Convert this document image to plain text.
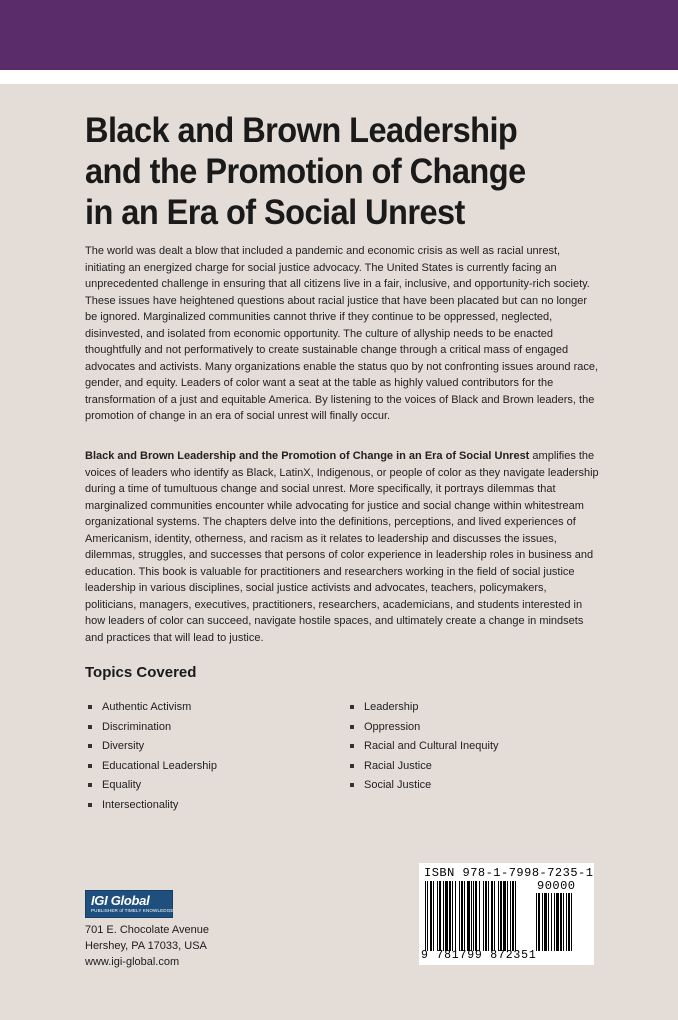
Black and Brown Leadership
and the Promotion of Change
in an Era of Social Unrest

The world was dealt a blow that included a pandemic and economic crisis as well as racial unrest, initiating an energized charge for social justice advocacy. The United States is currently facing an unprecedented challenge in ensuring that all citizens live in a fair, inclusive, and opportunity-rich society. These issues have heightened questions about racial justice that have been placated but can no longer be ignored. Marginalized communities cannot thrive if they continue to be oppressed, neglected, disinvested, and isolated from economic opportunity. The culture of allyship needs to be enacted thoughtfully and not performatively to create sustainable change through a critical mass of engaged advocates and activists. Many organizations enable the status quo by not confronting issues around race, gender, and equity. Leaders of color want a seat at the table as highly valued contributors for the transformation of a just and equitable America. By listening to the voices of Black and Brown leaders, the promotion of change in an era of social unrest will finally occur.

Black and Brown Leadership and the Promotion of Change in an Era of Social Unrest amplifies the voices of leaders who identify as Black, LatinX, Indigenous, or people of color as they navigate leadership during a time of tumultuous change and social unrest. More specifically, it portrays dilemmas that marginalized communities encounter while advocating for justice and social change within whitestream organizational systems. The chapters delve into the definitions, perceptions, and lived experiences of Americanism, identity, otherness, and racism as it relates to leadership and discusses the issues, dilemmas, struggles, and successes that persons of color experience in leadership roles in business and education. This book is valuable for practitioners and researchers working in the field of social justice leadership in various disciplines, social justice activists and advocates, teachers, policymakers, politicians, managers, executives, practitioners, researchers, academicians, and students interested in how leaders of color can succeed, navigate hostile spaces, and ultimately create a change in mindsets and practices that will lead to justice.

Topics Covered
Authentic Activism
Discrimination
Diversity
Educational Leadership
Equality
Intersectionality
Leadership
Oppression
Racial and Cultural Inequity
Racial Justice
Social Justice
IGI Global
PUBLISHER of TIMELY KNOWLEDGE
701 E. Chocolate Avenue
Hershey, PA 17033, USA
www.igi-global.com
ISBN 978-1-7998-7235-1
90000
9 781799 872351
